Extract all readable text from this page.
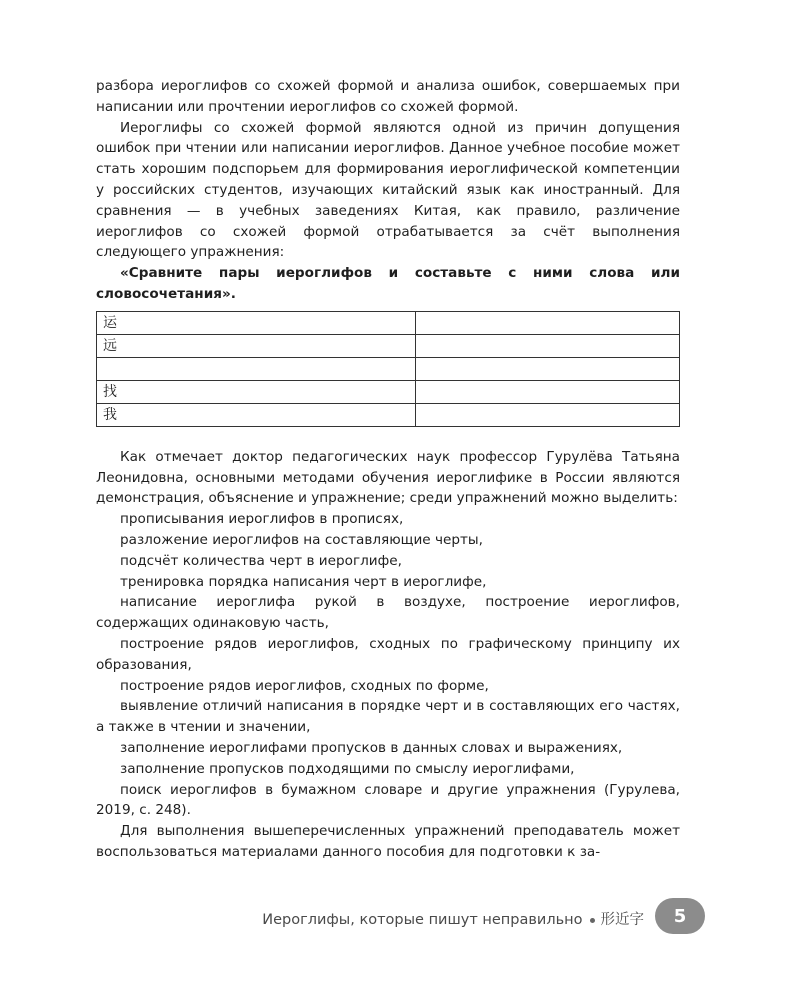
разбора иероглифов со схожей формой и анализа ошибок, совершаемых при написании или прочтении иероглифов со схожей формой.

Иероглифы со схожей формой являются одной из причин допущения ошибок при чтении или написании иероглифов. Данное учебное пособие может стать хорошим подспорьем для формирования иероглифической компетенции у российских студентов, изучающих китайский язык как иностранный. Для сравнения — в учебных заведениях Китая, как правило, различение иероглифов со схожей формой отрабатывается за счёт выполнения следующего упражнения:

«Сравните пары иероглифов и составьте с ними слова или словосочетания».

运	
远	

找	
我	

Как отмечает доктор педагогических наук профессор Гурулёва Татьяна Леонидовна, основными методами обучения иероглифике в России являются демонстрация, объяснение и упражнение; среди упражнений можно выделить:

прописывания иероглифов в прописях,

разложение иероглифов на составляющие черты,

подсчёт количества черт в иероглифе,

тренировка порядка написания черт в иероглифе,

написание иероглифа рукой в воздухе, построение иероглифов, содержащих одинаковую часть,

построение рядов иероглифов, сходных по графическому принципу их образования,

построение рядов иероглифов, сходных по форме,

выявление отличий написания в порядке черт и в составляющих его частях, а также в чтении и значении,

заполнение иероглифами пропусков в данных словах и выражениях,

заполнение пропусков подходящими по смыслу иероглифами,

поиск иероглифов в бумажном словаре и другие упражнения (Гурулева, 2019, с. 248).

Для выполнения вышеперечисленных упражнений преподаватель может воспользоваться материалами данного пособия для подготовки к за-

Иероглифы, которые пишут неправильно 形近字	5
